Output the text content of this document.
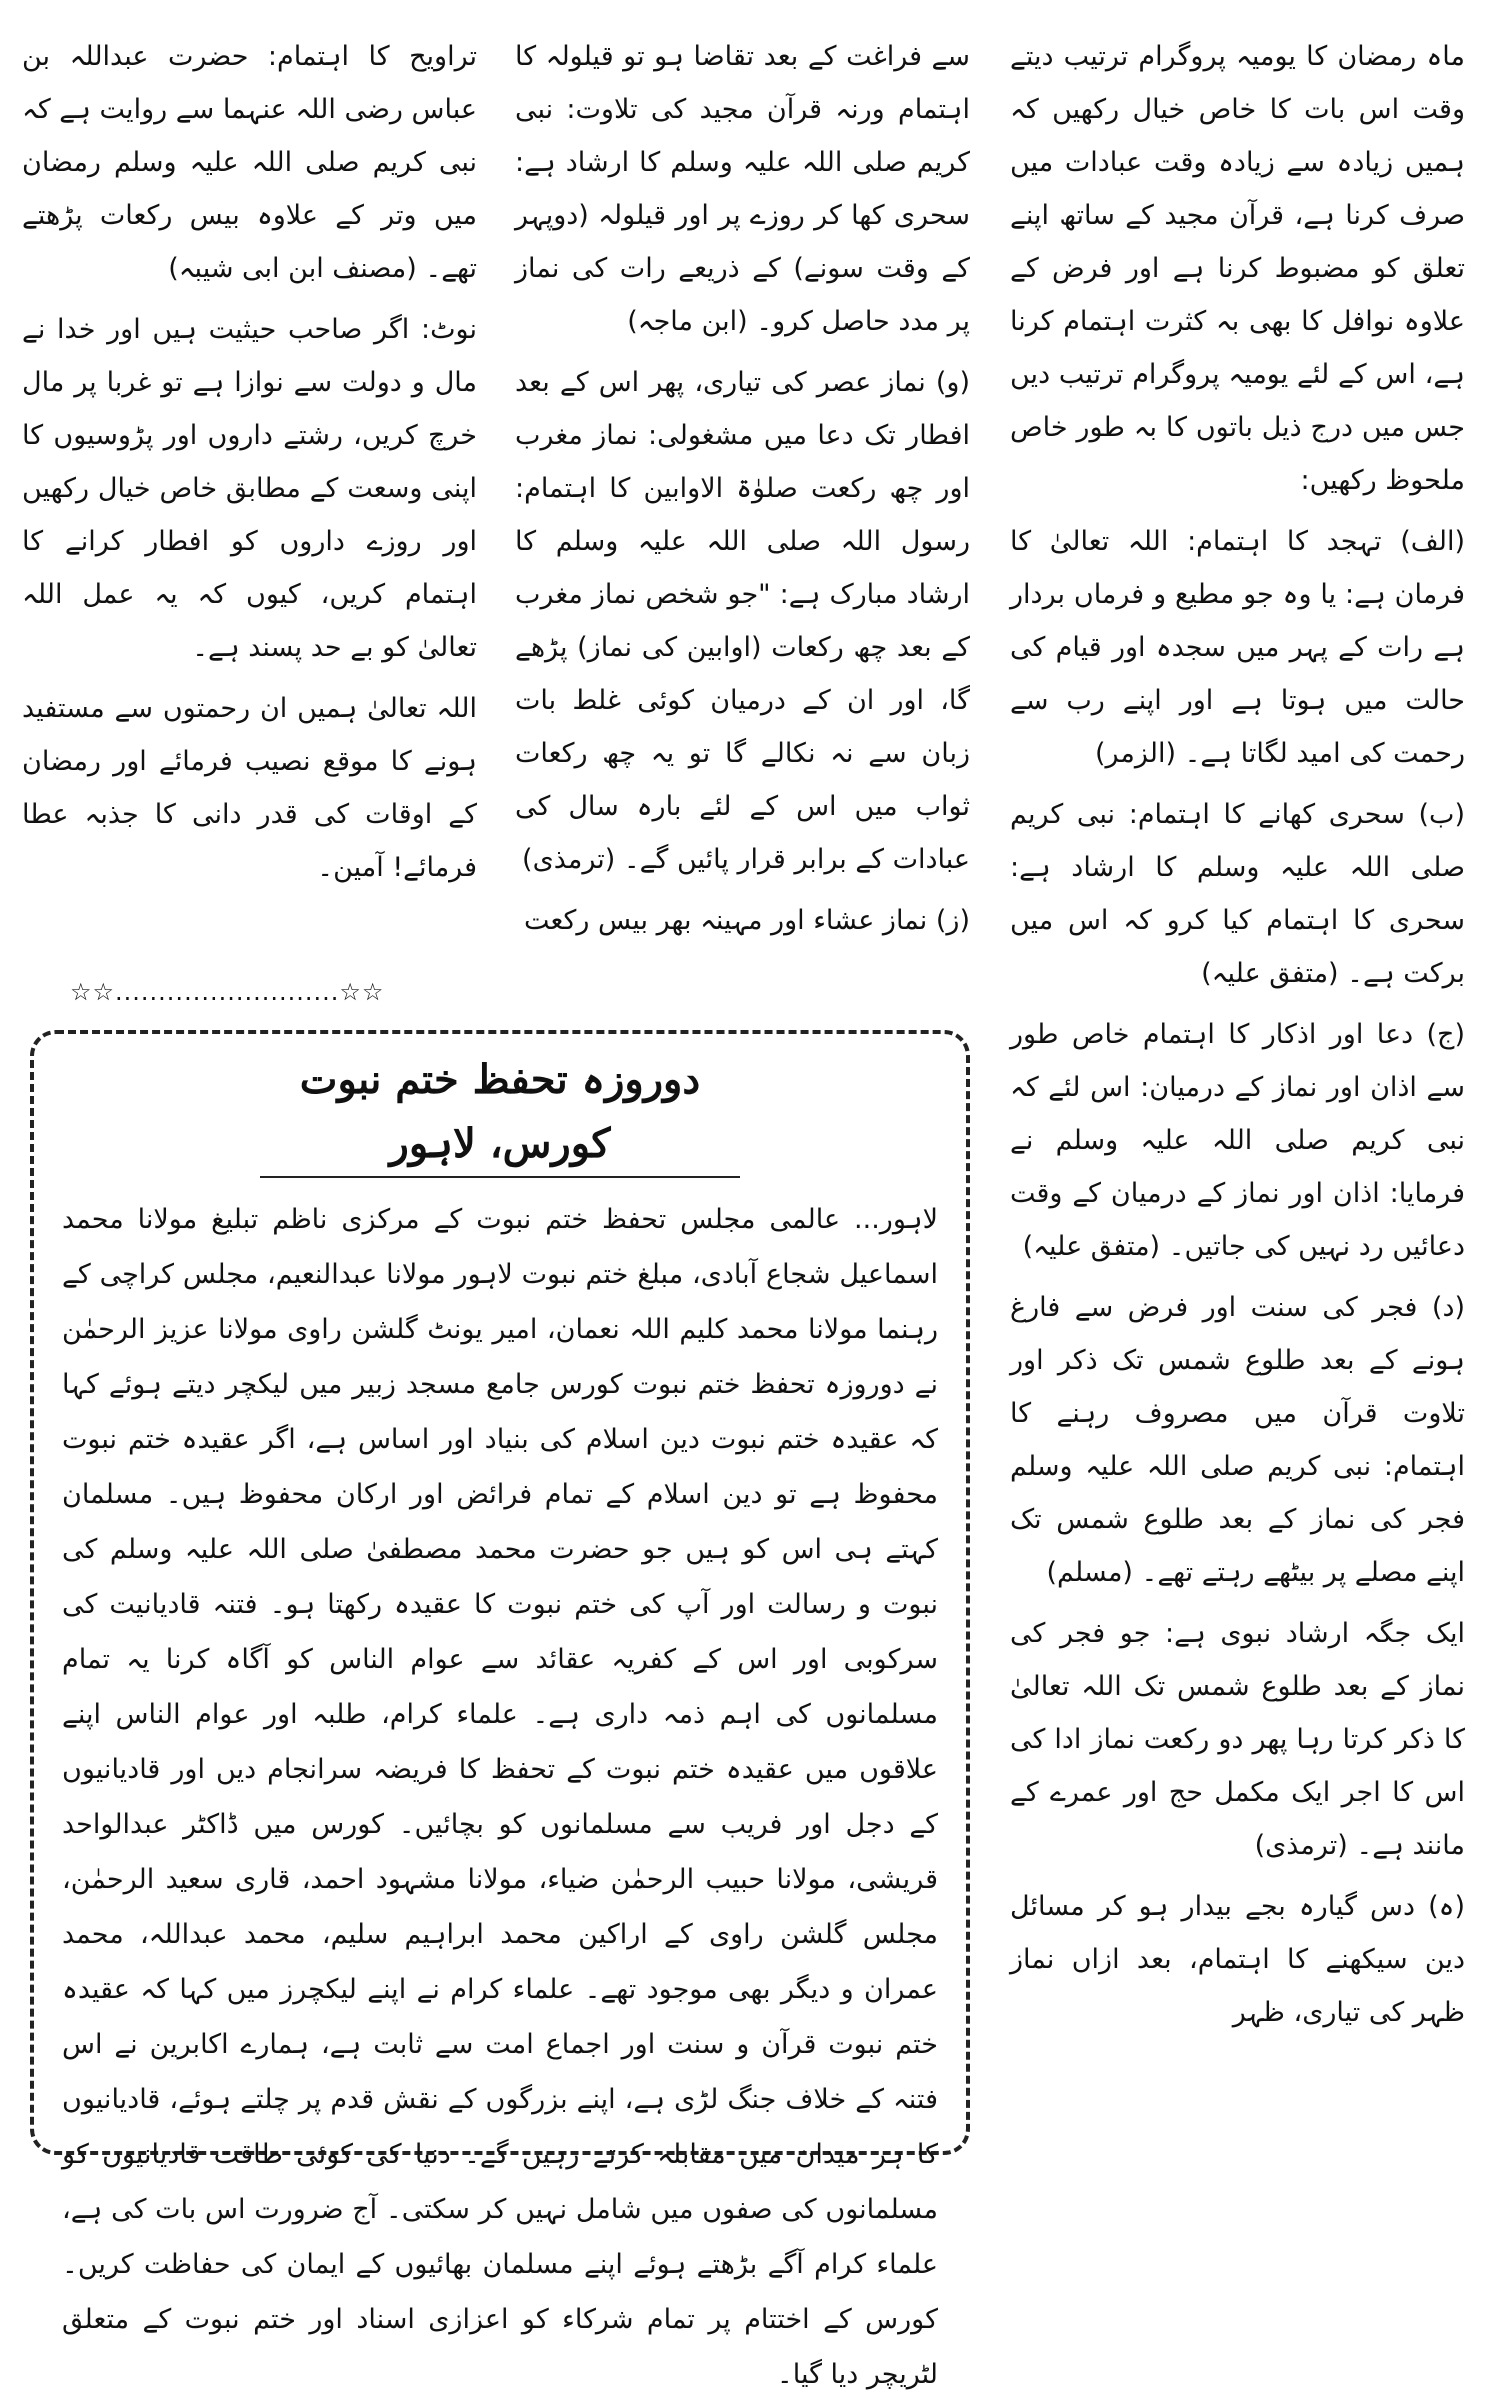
ماہ رمضان کا یومیہ پروگرام ترتیب دیتے وقت اس بات کا خاص خیال رکھیں کہ ہمیں زیادہ سے زیادہ وقت عبادات میں صرف کرنا ہے، قرآن مجید کے ساتھ اپنے تعلق کو مضبوط کرنا ہے اور فرض کے علاوہ نوافل کا بھی بہ کثرت اہتمام کرنا ہے، اس کے لئے یومیہ پروگرام ترتیب دیں جس میں درج ذیل باتوں کا بہ طور خاص ملحوظ رکھیں:

(الف) تہجد کا اہتمام: اللہ تعالیٰ کا فرمان ہے: یا وہ جو مطیع و فرماں بردار ہے رات کے پہر میں سجدہ اور قیام کی حالت میں ہوتا ہے اور اپنے رب سے رحمت کی امید لگاتا ہے۔ (الزمر)

(ب) سحری کھانے کا اہتمام: نبی کریم صلی اللہ علیہ وسلم کا ارشاد ہے: سحری کا اہتمام کیا کرو کہ اس میں برکت ہے۔ (متفق علیہ)

(ج) دعا اور اذکار کا اہتمام خاص طور سے اذان اور نماز کے درمیان: اس لئے کہ نبی کریم صلی اللہ علیہ وسلم نے فرمایا: اذان اور نماز کے درمیان کے وقت دعائیں رد نہیں کی جاتیں۔ (متفق علیہ)

(د) فجر کی سنت اور فرض سے فارغ ہونے کے بعد طلوع شمس تک ذکر اور تلاوت قرآن میں مصروف رہنے کا اہتمام: نبی کریم صلی اللہ علیہ وسلم فجر کی نماز کے بعد طلوع شمس تک اپنے مصلے پر بیٹھے رہتے تھے۔ (مسلم)

ایک جگہ ارشاد نبوی ہے: جو فجر کی نماز کے بعد طلوع شمس تک اللہ تعالیٰ کا ذکر کرتا رہا پھر دو رکعت نماز ادا کی اس کا اجر ایک مکمل حج اور عمرے کے مانند ہے۔ (ترمذی)

(ہ) دس گیارہ بجے بیدار ہو کر مسائل دین سیکھنے کا اہتمام، بعد ازاں نماز ظہر کی تیاری، ظہر

سے فراغت کے بعد تقاضا ہو تو قیلولہ کا اہتمام ورنہ قرآن مجید کی تلاوت: نبی کریم صلی اللہ علیہ وسلم کا ارشاد ہے: سحری کھا کر روزے پر اور قیلولہ (دوپہر کے وقت سونے) کے ذریعے رات کی نماز پر مدد حاصل کرو۔ (ابن ماجہ)

(و) نماز عصر کی تیاری، پھر اس کے بعد افطار تک دعا میں مشغولی: نماز مغرب اور چھ رکعت صلوٰۃ الاوابین کا اہتمام: رسول اللہ صلی اللہ علیہ وسلم کا ارشاد مبارک ہے: "جو شخص نماز مغرب کے بعد چھ رکعات (اوابین کی نماز) پڑھے گا، اور ان کے درمیان کوئی غلط بات زبان سے نہ نکالے گا تو یہ چھ رکعات ثواب میں اس کے لئے بارہ سال کی عبادات کے برابر قرار پائیں گے۔ (ترمذی)

(ز) نماز عشاء اور مہینہ بھر بیس رکعت

تراویح کا اہتمام: حضرت عبداللہ بن عباس رضی اللہ عنہما سے روایت ہے کہ نبی کریم صلی اللہ علیہ وسلم رمضان میں وتر کے علاوہ بیس رکعات پڑھتے تھے۔ (مصنف ابن ابی شیبہ)

نوٹ: اگر صاحب حیثیت ہیں اور خدا نے مال و دولت سے نوازا ہے تو غربا پر مال خرچ کریں، رشتے داروں اور پڑوسیوں کا اپنی وسعت کے مطابق خاص خیال رکھیں اور روزے داروں کو افطار کرانے کا اہتمام کریں، کیوں کہ یہ عمل اللہ تعالیٰ کو بے حد پسند ہے۔

اللہ تعالیٰ ہمیں ان رحمتوں سے مستفید ہونے کا موقع نصیب فرمائے اور رمضان کے اوقات کی قدر دانی کا جذبہ عطا فرمائے! آمین۔

☆☆..........................☆☆
دوروزہ تحفظ ختم نبوت کورس، لاہور

لاہور... عالمی مجلس تحفظ ختم نبوت کے مرکزی ناظم تبلیغ مولانا محمد اسماعیل شجاع آبادی، مبلغ ختم نبوت لاہور مولانا عبدالنعیم، مجلس کراچی کے رہنما مولانا محمد کلیم اللہ نعمان، امیر یونٹ گلشن راوی مولانا عزیز الرحمٰن نے دوروزہ تحفظ ختم نبوت کورس جامع مسجد زبیر میں لیکچر دیتے ہوئے کہا کہ عقیدہ ختم نبوت دین اسلام کی بنیاد اور اساس ہے، اگر عقیدہ ختم نبوت محفوظ ہے تو دین اسلام کے تمام فرائض اور ارکان محفوظ ہیں۔ مسلمان کہتے ہی اس کو ہیں جو حضرت محمد مصطفیٰ صلی اللہ علیہ وسلم کی نبوت و رسالت اور آپ کی ختم نبوت کا عقیدہ رکھتا ہو۔ فتنہ قادیانیت کی سرکوبی اور اس کے کفریہ عقائد سے عوام الناس کو آگاہ کرنا یہ تمام مسلمانوں کی اہم ذمہ داری ہے۔ علماء کرام، طلبہ اور عوام الناس اپنے علاقوں میں عقیدہ ختم نبوت کے تحفظ کا فریضہ سرانجام دیں اور قادیانیوں کے دجل اور فریب سے مسلمانوں کو بچائیں۔ کورس میں ڈاکٹر عبدالواحد قریشی، مولانا حبیب الرحمٰن ضیاء، مولانا مشہود احمد، قاری سعید الرحمٰن، مجلس گلشن راوی کے اراکین محمد ابراہیم سلیم، محمد عبداللہ، محمد عمران و دیگر بھی موجود تھے۔ علماء کرام نے اپنے لیکچرز میں کہا کہ عقیدہ ختم نبوت قرآن و سنت اور اجماع امت سے ثابت ہے، ہمارے اکابرین نے اس فتنہ کے خلاف جنگ لڑی ہے، اپنے بزرگوں کے نقش قدم پر چلتے ہوئے، قادیانیوں کا ہر میدان میں مقابلہ کرتے رہیں گے۔ دنیا کی کوئی طاقت قادیانیوں کو مسلمانوں کی صفوں میں شامل نہیں کر سکتی۔ آج ضرورت اس بات کی ہے، علماء کرام آگے بڑھتے ہوئے اپنے مسلمان بھائیوں کے ایمان کی حفاظت کریں۔ کورس کے اختتام پر تمام شرکاء کو اعزازی اسناد اور ختم نبوت کے متعلق لٹریچر دیا گیا۔
